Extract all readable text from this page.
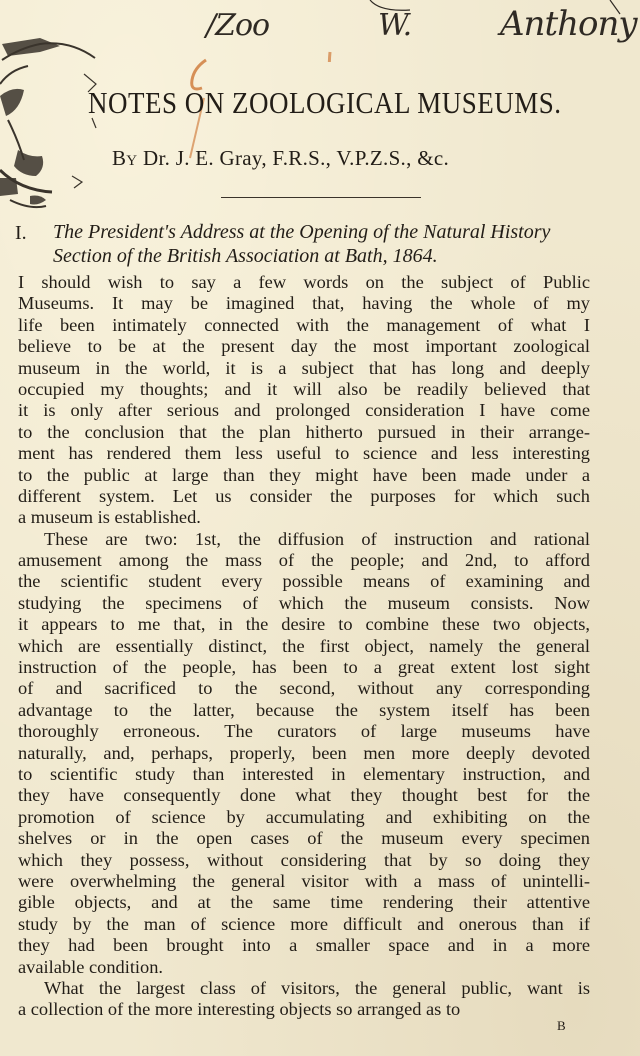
/Zoo	W.	Anthony
NOTES ON ZOOLOGICAL MUSEUMS.
By Dr. J. E. Gray, F.R.S., V.P.Z.S., &c.
I. The President's Address at the Opening of the Natural History

Section of the British Association at Bath, 1864.
I should wish to say a few words on the subject of Public
Museums. It may be imagined that, having the whole of my
life been intimately connected with the management of what I
believe to be at the present day the most important zoological
museum in the world, it is a subject that has long and deeply
occupied my thoughts; and it will also be readily believed that
it is only after serious and prolonged consideration I have come
to the conclusion that the plan hitherto pursued in their arrange-
ment has rendered them less useful to science and less interesting
to the public at large than they might have been made under a
different system. Let us consider the purposes for which such
a museum is established.
These are two: 1st, the diffusion of instruction and rational
amusement among the mass of the people; and 2nd, to afford
the scientific student every possible means of examining and
studying the specimens of which the museum consists. Now
it appears to me that, in the desire to combine these two objects,
which are essentially distinct, the first object, namely the general
instruction of the people, has been to a great extent lost sight
of and sacrificed to the second, without any corresponding
advantage to the latter, because the system itself has been
thoroughly erroneous. The curators of large museums have
naturally, and, perhaps, properly, been men more deeply devoted
to scientific study than interested in elementary instruction, and
they have consequently done what they thought best for the
promotion of science by accumulating and exhibiting on the
shelves or in the open cases of the museum every specimen
which they possess, without considering that by so doing they
were overwhelming the general visitor with a mass of unintelli-
gible objects, and at the same time rendering their attentive
study by the man of science more difficult and onerous than if
they had been brought into a smaller space and in a more
available condition.
What the largest class of visitors, the general public, want is
a collection of the more interesting objects so arranged as to
B
